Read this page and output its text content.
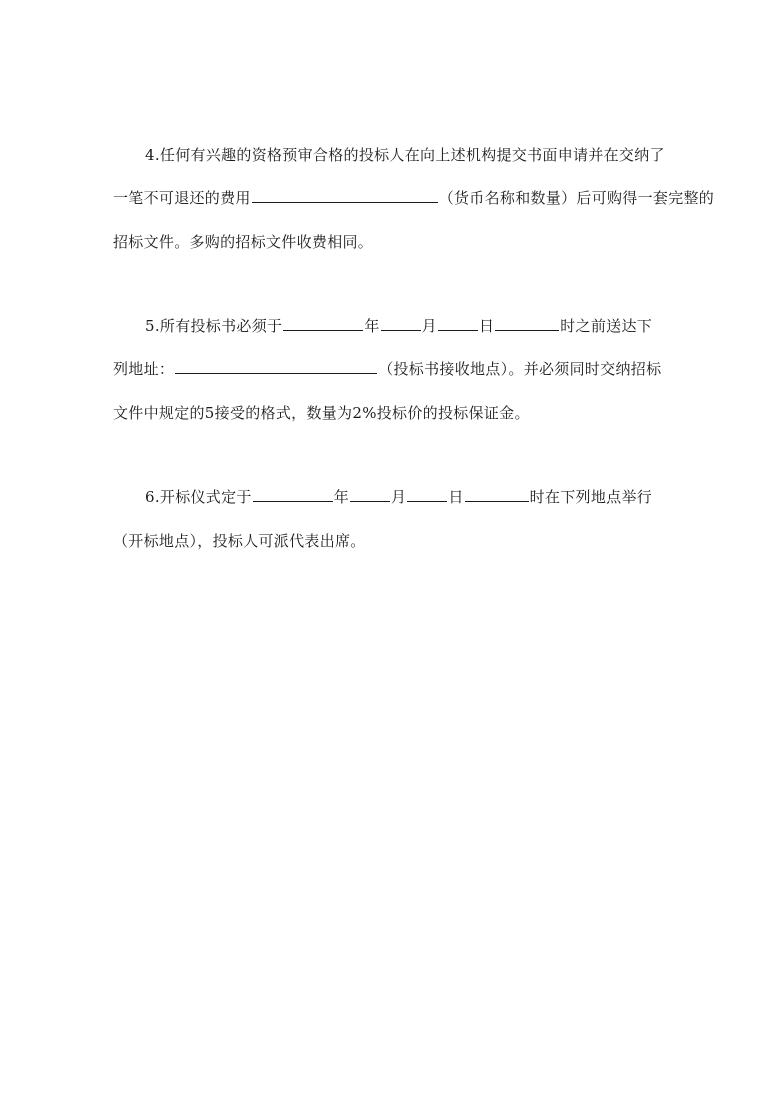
4.任何有兴趣的资格预审合格的投标人在向上述机构提交书面申请并在交纳了
一笔不可退还的费用	（货币名称和数量）后可购得一套完整的
招标文件。多购的招标文件收费相同。
5.所有投标书必须于	年	月	日	时之前送达下
列地址：	（投标书接收地点）。并必须同时交纳招标
文件中规定的5接受的格式，数量为2%投标价的投标保证金。
6.开标仪式定于	年	月	日	时在下列地点举行
（开标地点），投标人可派代表出席。
